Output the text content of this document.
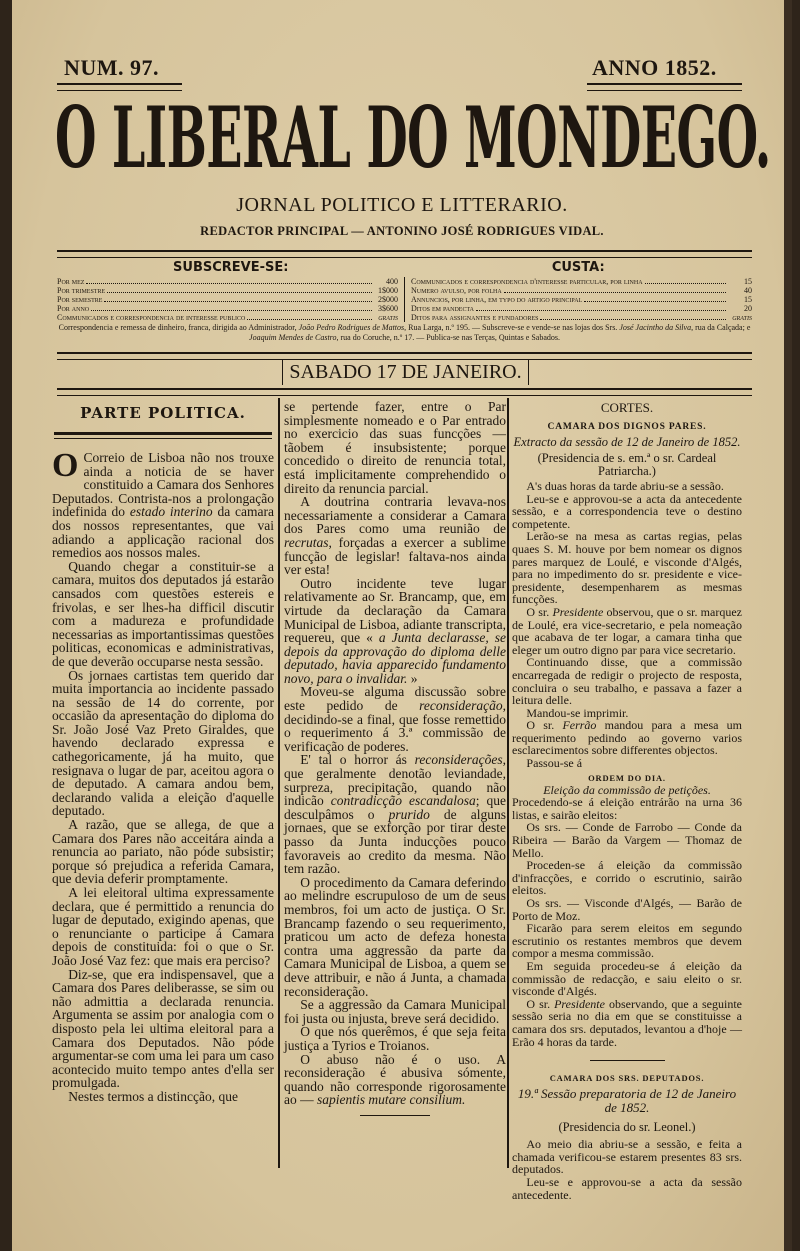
NUM. 97.	ANNO 1852.
O LIBERAL DO MONDEGO.
JORNAL POLITICO E LITTERARIO.
REDACTOR PRINCIPAL — ANTONINO JOSÉ RODRIGUES VIDAL.
SUBSCREVE-SE:	CUSTA:
Por mez	400
Por trimestre	1$000
Por semestre	2$000
Por anno	3$600
Communicados e correspondencia de interesse publico	gratis
Communicados e correspondencia d'interesse particular, por linha	15
Numero avulso, por folha	40
Annuncios, por linha, em typo do artigo principal	15
Ditos em pandecta	20
Ditos para assignantes e fundadores	gratis
Correspondencia e remessa de dinheiro, franca, dirigida ao Administrador, João Pedro Rodrigues de Mattos, Rua Larga, n.º 195. — Subscreve-se e vende-se nas lojas dos Srs. José Jacintho da Silva, rua da Calçada; e Joaquim Mendes de Castro, rua do Coruche, n.º 17. — Publica-se nas Terças, Quintas e Sabados.
SABADO 17 DE JANEIRO.
PARTE POLITICA.

O Correio de Lisboa não nos trouxe ainda a noticia de se haver constituido a Camara dos Senhores Deputados. Contrista-nos a prolongação indefinida do estado interino da camara dos nossos representantes, que vai adiando a applicação racional dos remedios aos nossos males.

Quando chegar a constituir-se a camara, muitos dos deputados já estarão cansados com questões estereis e frivolas, e ser lhes-ha difficil discutir com a madureza e profundidade necessarias as importantissimas questões politicas, economicas e administrativas, de que deverão occuparse nesta sessão.

Os jornaes cartistas tem querido dar muita importancia ao incidente passado na sessão de 14 do corrente, por occasião da apresentação do diploma do Sr. João José Vaz Preto Giraldes, que havendo declarado expressa e cathegoricamente, já ha muito, que resignava o lugar de par, aceitou agora o de deputado. A camara andou bem, declarando valida a eleição d'aquelle deputado.

A razão, que se allega, de que a Camara dos Pares não acceitára ainda a renuncia ao pariato, não póde subsistir; porque só prejudica a referida Camara, que devia deferir promptamente.

A lei eleitoral ultima expressamente declara, que é permittido a renuncia do lugar de deputado, exigindo apenas, que o renunciante o participe á Camara depois de constituida: foi o que o Sr. João José Vaz fez: que mais era perciso?

Diz-se, que era indispensavel, que a Camara dos Pares deliberasse, se sim ou não admittia a declarada renuncia. Argumenta se assim por analogia com o disposto pela lei ultima eleitoral para a Camara dos Deputados. Não póde argumentar-se com uma lei para um caso acontecido muito tempo antes d'ella ser promulgada.

Nestes termos a distincção, que

se pertende fazer, entre o Par simplesmente nomeado e o Par entrado no exercicio das suas funcções — tãobem é insubsistente; porque concedido o direito de renuncia total, está implicitamente comprehendido o direito da renuncia parcial.

A doutrina contraria levava-nos necessariamente a considerar a Camara dos Pares como uma reunião de recrutas, forçadas a exercer a sublime funcção de legislar! faltava-nos ainda ver esta!

Outro incidente teve lugar relativamente ao Sr. Brancamp, que, em virtude da declaração da Camara Municipal de Lisboa, adiante transcripta, requereu, que « a Junta declarasse, se depois da approvação do diploma delle deputado, havia apparecido fundamento novo, para o invalidar. »

Moveu-se alguma discussão sobre este pedido de reconsideração, decidindo-se a final, que fosse remettido o requerimento á 3.ª commissão de verificação de poderes.

E' tal o horror ás reconsiderações, que geralmente denotão leviandade, surpreza, precipitação, quando não indicão contradicção escandalosa; que desculpâmos o prurido de alguns jornaes, que se exforção por tirar deste passo da Junta inducções pouco favoraveis ao credito da mesma. Não tem razão.

O procedimento da Camara deferindo ao melindre escrupuloso de um de seus membros, foi um acto de justiça. O Sr. Brancamp fazendo o seu requerimento, praticou um acto de defeza honesta contra uma aggressão da parte da Camara Municipal de Lisboa, a quem se deve attribuir, e não á Junta, a chamada reconsideração.

Se a aggressão da Camara Municipal foi justa ou injusta, breve será decidido.

O que nós querêmos, é que seja feita justiça a Tyrios e Troianos.

O abuso não é o uso. A reconsideração é abusiva sómente, quando não corresponde rigorosamente ao — sapientis mutare consilium.

CORTES.

CAMARA DOS DIGNOS PARES.

Extracto da sessão de 12 de Janeiro de 1852.

(Presidencia de s. em.ª o sr. Cardeal Patriarcha.)

A's duas horas da tarde abriu-se a sessão.

Leu-se e approvou-se a acta da antecedente sessão, e a correspondencia teve o destino competente.

Lerão-se na mesa as cartas regias, pelas quaes S. M. houve por bem nomear os dignos pares marquez de Loulé, e visconde d'Algés, para no impedimento do sr. presidente e vice-presidente, desempenharem as mesmas funcções.

O sr. Presidente observou, que o sr. marquez de Loulé, era vice-secretario, e pela nomeação que acabava de ter logar, a camara tinha que eleger um outro digno par para vice secretario.

Continuando disse, que a commissão encarregada de redigir o projecto de resposta, concluira o seu trabalho, e passava a fazer a leitura delle.

Mandou-se imprimir.

O sr. Ferrão mandou para a mesa um requerimento pedindo ao governo varios esclarecimentos sobre differentes objectos.

Passou-se á

ORDEM DO DIA.

Eleição da commissão de petições.

Procedendo-se á eleição entrárão na urna 36 listas, e sairão eleitos:

Os srs. — Conde de Farrobo — Conde da Ribeira — Barão da Vargem — Thomaz de Mello.

Proceden-se á eleição da commissão d'infracções, e corrido o escrutinio, sairão eleitos.

Os srs. — Visconde d'Algés, — Barão de Porto de Moz.

Ficarão para serem eleitos em segundo escrutinio os restantes membros que devem compor a mesma commissão.

Em seguida procedeu-se á eleição da commissão de redacção, e saiu eleito o sr. visconde d'Algés.

O sr. Presidente observando, que a seguinte sessão seria no dia em que se constituisse a camara dos srs. deputados, levantou a d'hoje — Erão 4 horas da tarde.

CAMARA DOS SRS. DEPUTADOS.

19.ª Sessão preparatoria de 12 de Janeiro de 1852.

(Presidencia do sr. Leonel.)

Ao meio dia abriu-se a sessão, e feita a chamada verificou-se estarem presentes 83 srs. deputados.

Leu-se e approvou-se a acta da sessão antecedente.
